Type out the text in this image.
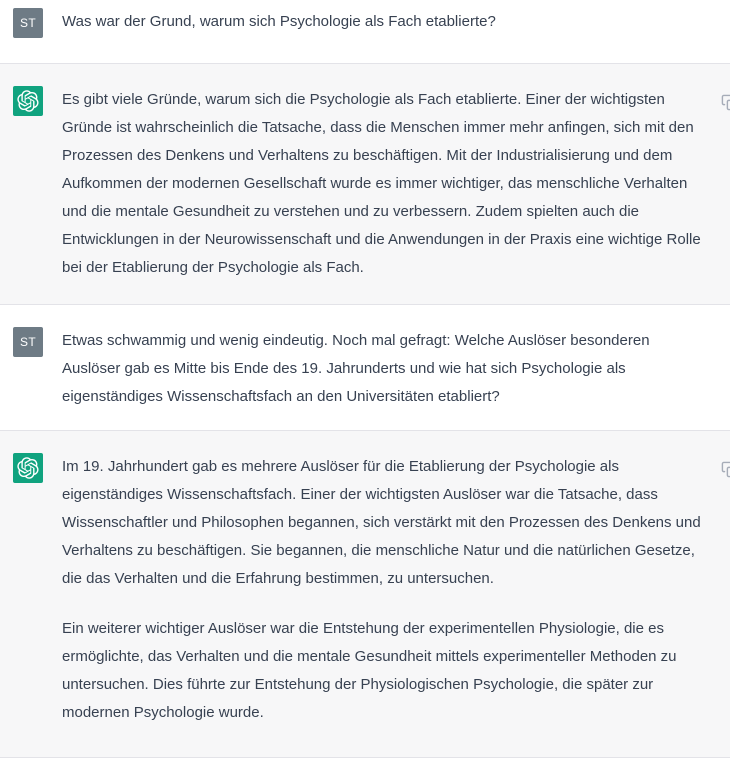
ST Was war der Grund, warum sich Psychologie als Fach etablierte?

Es gibt viele Gründe, warum sich die Psychologie als Fach etablierte. Einer der wichtigsten Gründe ist wahrscheinlich die Tatsache, dass die Menschen immer mehr anfingen, sich mit den Prozessen des Denkens und Verhaltens zu beschäftigen. Mit der Industrialisierung und dem Aufkommen der modernen Gesellschaft wurde es immer wichtiger, das menschliche Verhalten und die mentale Gesundheit zu verstehen und zu verbessern. Zudem spielten auch die Entwicklungen in der Neurowissenschaft und die Anwendungen in der Praxis eine wichtige Rolle bei der Etablierung der Psychologie als Fach.

ST Etwas schwammig und wenig eindeutig. Noch mal gefragt: Welche Auslöser besonderen Auslöser gab es Mitte bis Ende des 19. Jahrunderts und wie hat sich Psychologie als eigenständiges Wissenschaftsfach an den Universitäten etabliert?

Im 19. Jahrhundert gab es mehrere Auslöser für die Etablierung der Psychologie als eigenständiges Wissenschaftsfach. Einer der wichtigsten Auslöser war die Tatsache, dass Wissenschaftler und Philosophen begannen, sich verstärkt mit den Prozessen des Denkens und Verhaltens zu beschäftigen. Sie begannen, die menschliche Natur und die natürlichen Gesetze, die das Verhalten und die Erfahrung bestimmen, zu untersuchen.

Ein weiterer wichtiger Auslöser war die Entstehung der experimentellen Physiologie, die es ermöglichte, das Verhalten und die mentale Gesundheit mittels experimenteller Methoden zu untersuchen. Dies führte zur Entstehung der Physiologischen Psychologie, die später zur modernen Psychologie wurde.
